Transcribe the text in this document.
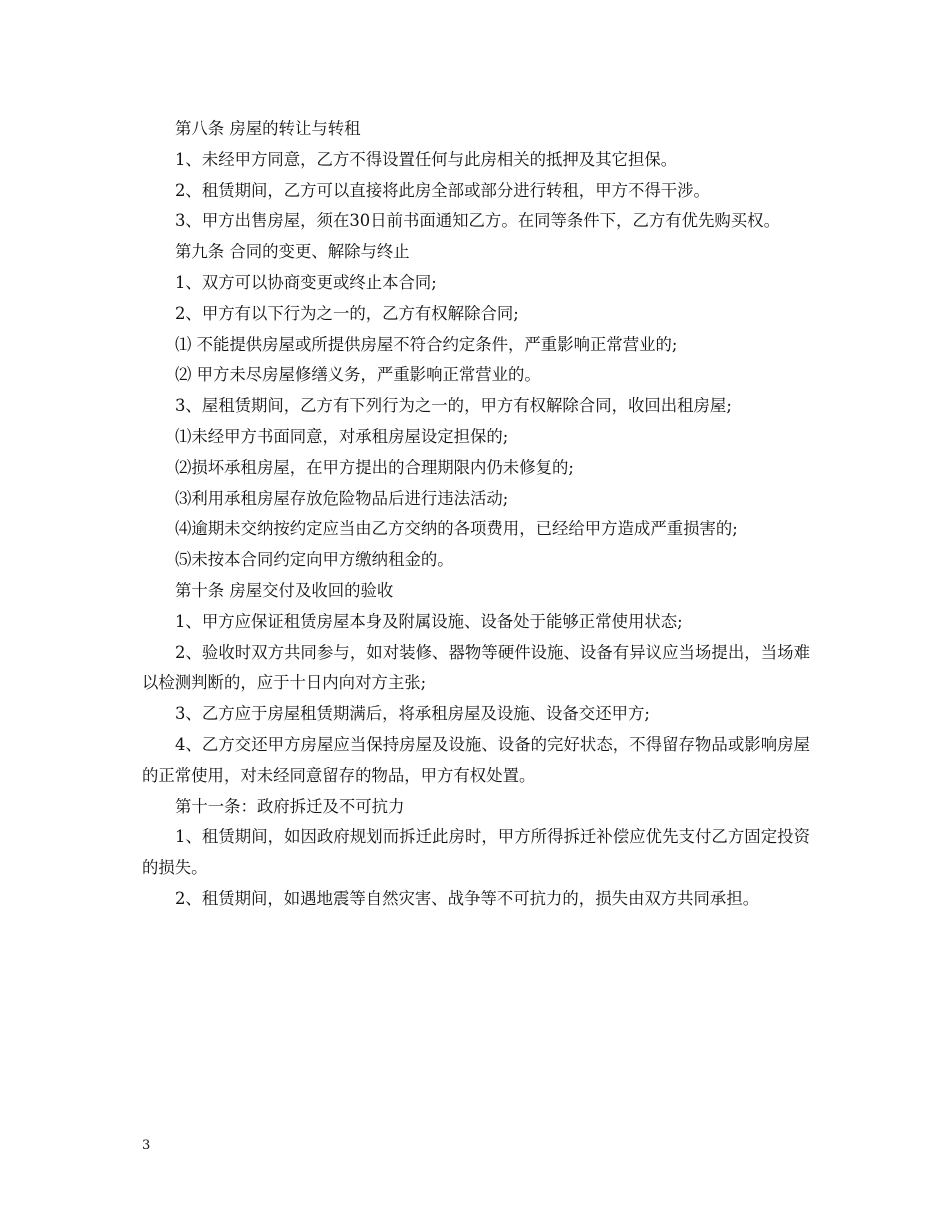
第八条 房屋的转让与转租

1、未经甲方同意，乙方不得设置任何与此房相关的抵押及其它担保。

2、租赁期间，乙方可以直接将此房全部或部分进行转租，甲方不得干涉。

3、甲方出售房屋，须在30日前书面通知乙方。在同等条件下，乙方有优先购买权。

第九条 合同的变更、解除与终止

1、双方可以协商变更或终止本合同;

2、甲方有以下行为之一的，乙方有权解除合同;

⑴ 不能提供房屋或所提供房屋不符合约定条件，严重影响正常营业的;

⑵ 甲方未尽房屋修缮义务，严重影响正常营业的。

3、屋租赁期间，乙方有下列行为之一的，甲方有权解除合同，收回出租房屋;

⑴未经甲方书面同意，对承租房屋设定担保的;

⑵损坏承租房屋，在甲方提出的合理期限内仍未修复的;

⑶利用承租房屋存放危险物品后进行违法活动;

⑷逾期未交纳按约定应当由乙方交纳的各项费用，已经给甲方造成严重损害的;

⑸未按本合同约定向甲方缴纳租金的。

第十条 房屋交付及收回的验收

1、甲方应保证租赁房屋本身及附属设施、设备处于能够正常使用状态;

2、验收时双方共同参与，如对装修、器物等硬件设施、设备有异议应当场提出，当场难以检测判断的，应于十日内向对方主张;

3、乙方应于房屋租赁期满后，将承租房屋及设施、设备交还甲方;

4、乙方交还甲方房屋应当保持房屋及设施、设备的完好状态，不得留存物品或影响房屋的正常使用，对未经同意留存的物品，甲方有权处置。

第十一条：政府拆迁及不可抗力

1、租赁期间，如因政府规划而拆迁此房时，甲方所得拆迁补偿应优先支付乙方固定投资的损失。

2、租赁期间，如遇地震等自然灾害、战争等不可抗力的，损失由双方共同承担。

3
